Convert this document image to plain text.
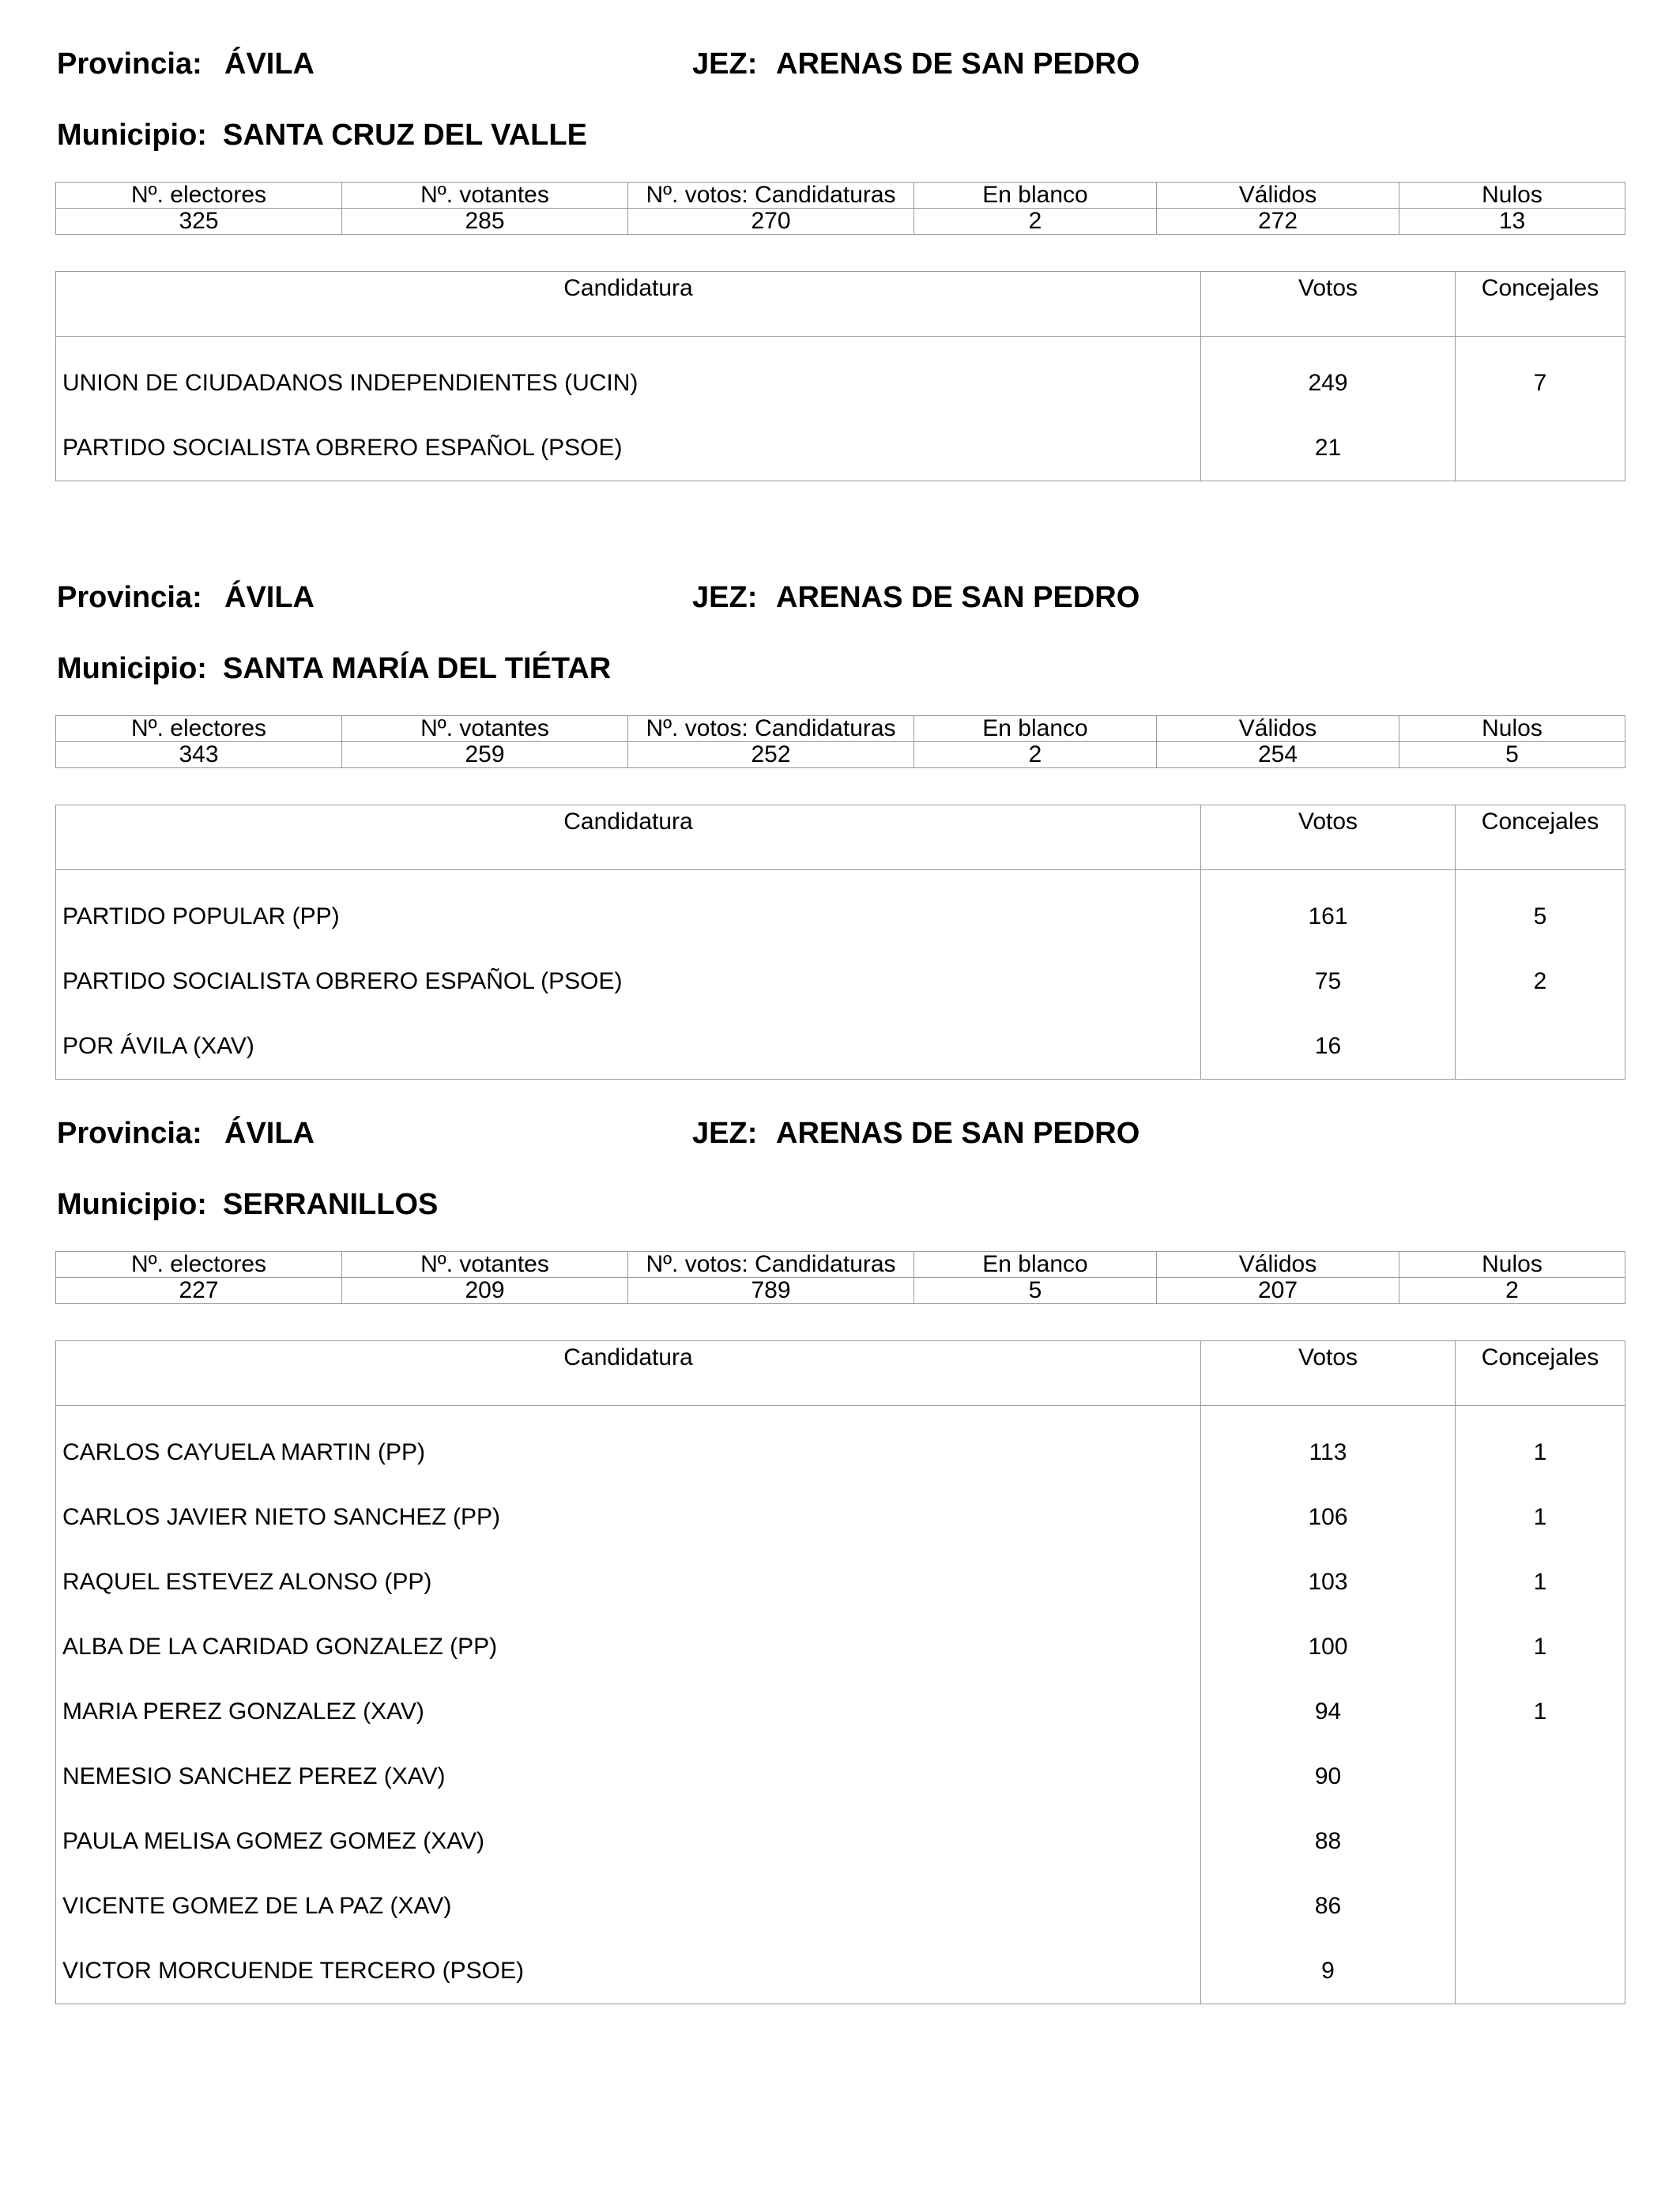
Provincia: ÁVILA	JEZ: ARENAS DE SAN PEDRO
Municipio: SANTA CRUZ DEL VALLE
Nº. electores	Nº. votantes	Nº. votos: Candidaturas	En blanco	Válidos	Nulos
325	285	270	2	272	13
Candidatura	Votos	Concejales
UNION DE CIUDADANOS INDEPENDIENTES (UCIN)	249	7
PARTIDO SOCIALISTA OBRERO ESPAÑOL (PSOE)	21	
Provincia: ÁVILA	JEZ: ARENAS DE SAN PEDRO
Municipio: SANTA MARÍA DEL TIÉTAR
Nº. electores	Nº. votantes	Nº. votos: Candidaturas	En blanco	Válidos	Nulos
343	259	252	2	254	5
Candidatura	Votos	Concejales
PARTIDO POPULAR (PP)	161	5
PARTIDO SOCIALISTA OBRERO ESPAÑOL (PSOE)	75	2
POR ÁVILA (XAV)	16	
Provincia: ÁVILA	JEZ: ARENAS DE SAN PEDRO
Municipio: SERRANILLOS
Nº. electores	Nº. votantes	Nº. votos: Candidaturas	En blanco	Válidos	Nulos
227	209	789	5	207	2
Candidatura	Votos	Concejales
CARLOS CAYUELA MARTIN (PP)	113	1
CARLOS JAVIER NIETO SANCHEZ (PP)	106	1
RAQUEL ESTEVEZ ALONSO (PP)	103	1
ALBA DE LA CARIDAD GONZALEZ (PP)	100	1
MARIA PEREZ GONZALEZ (XAV)	94	1
NEMESIO SANCHEZ PEREZ (XAV)	90	
PAULA MELISA GOMEZ GOMEZ (XAV)	88	
VICENTE GOMEZ DE LA PAZ (XAV)	86	
VICTOR MORCUENDE TERCERO (PSOE)	9	
